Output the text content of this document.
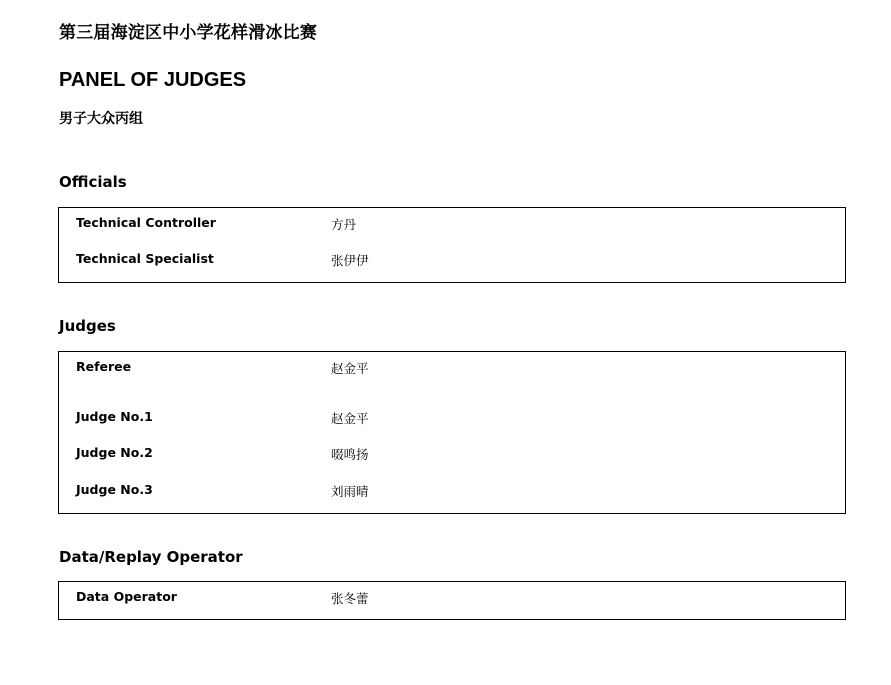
第三届海淀区中小学花样滑冰比赛
PANEL OF JUDGES
男子大众丙组
Officials
Technical Controller	方丹
Technical Specialist	张伊伊
Judges
Referee	赵金平
Judge No.1	赵金平
Judge No.2	啜鸣扬
Judge No.3	刘雨晴
Data/Replay Operator
Data Operator	张冬蕾
